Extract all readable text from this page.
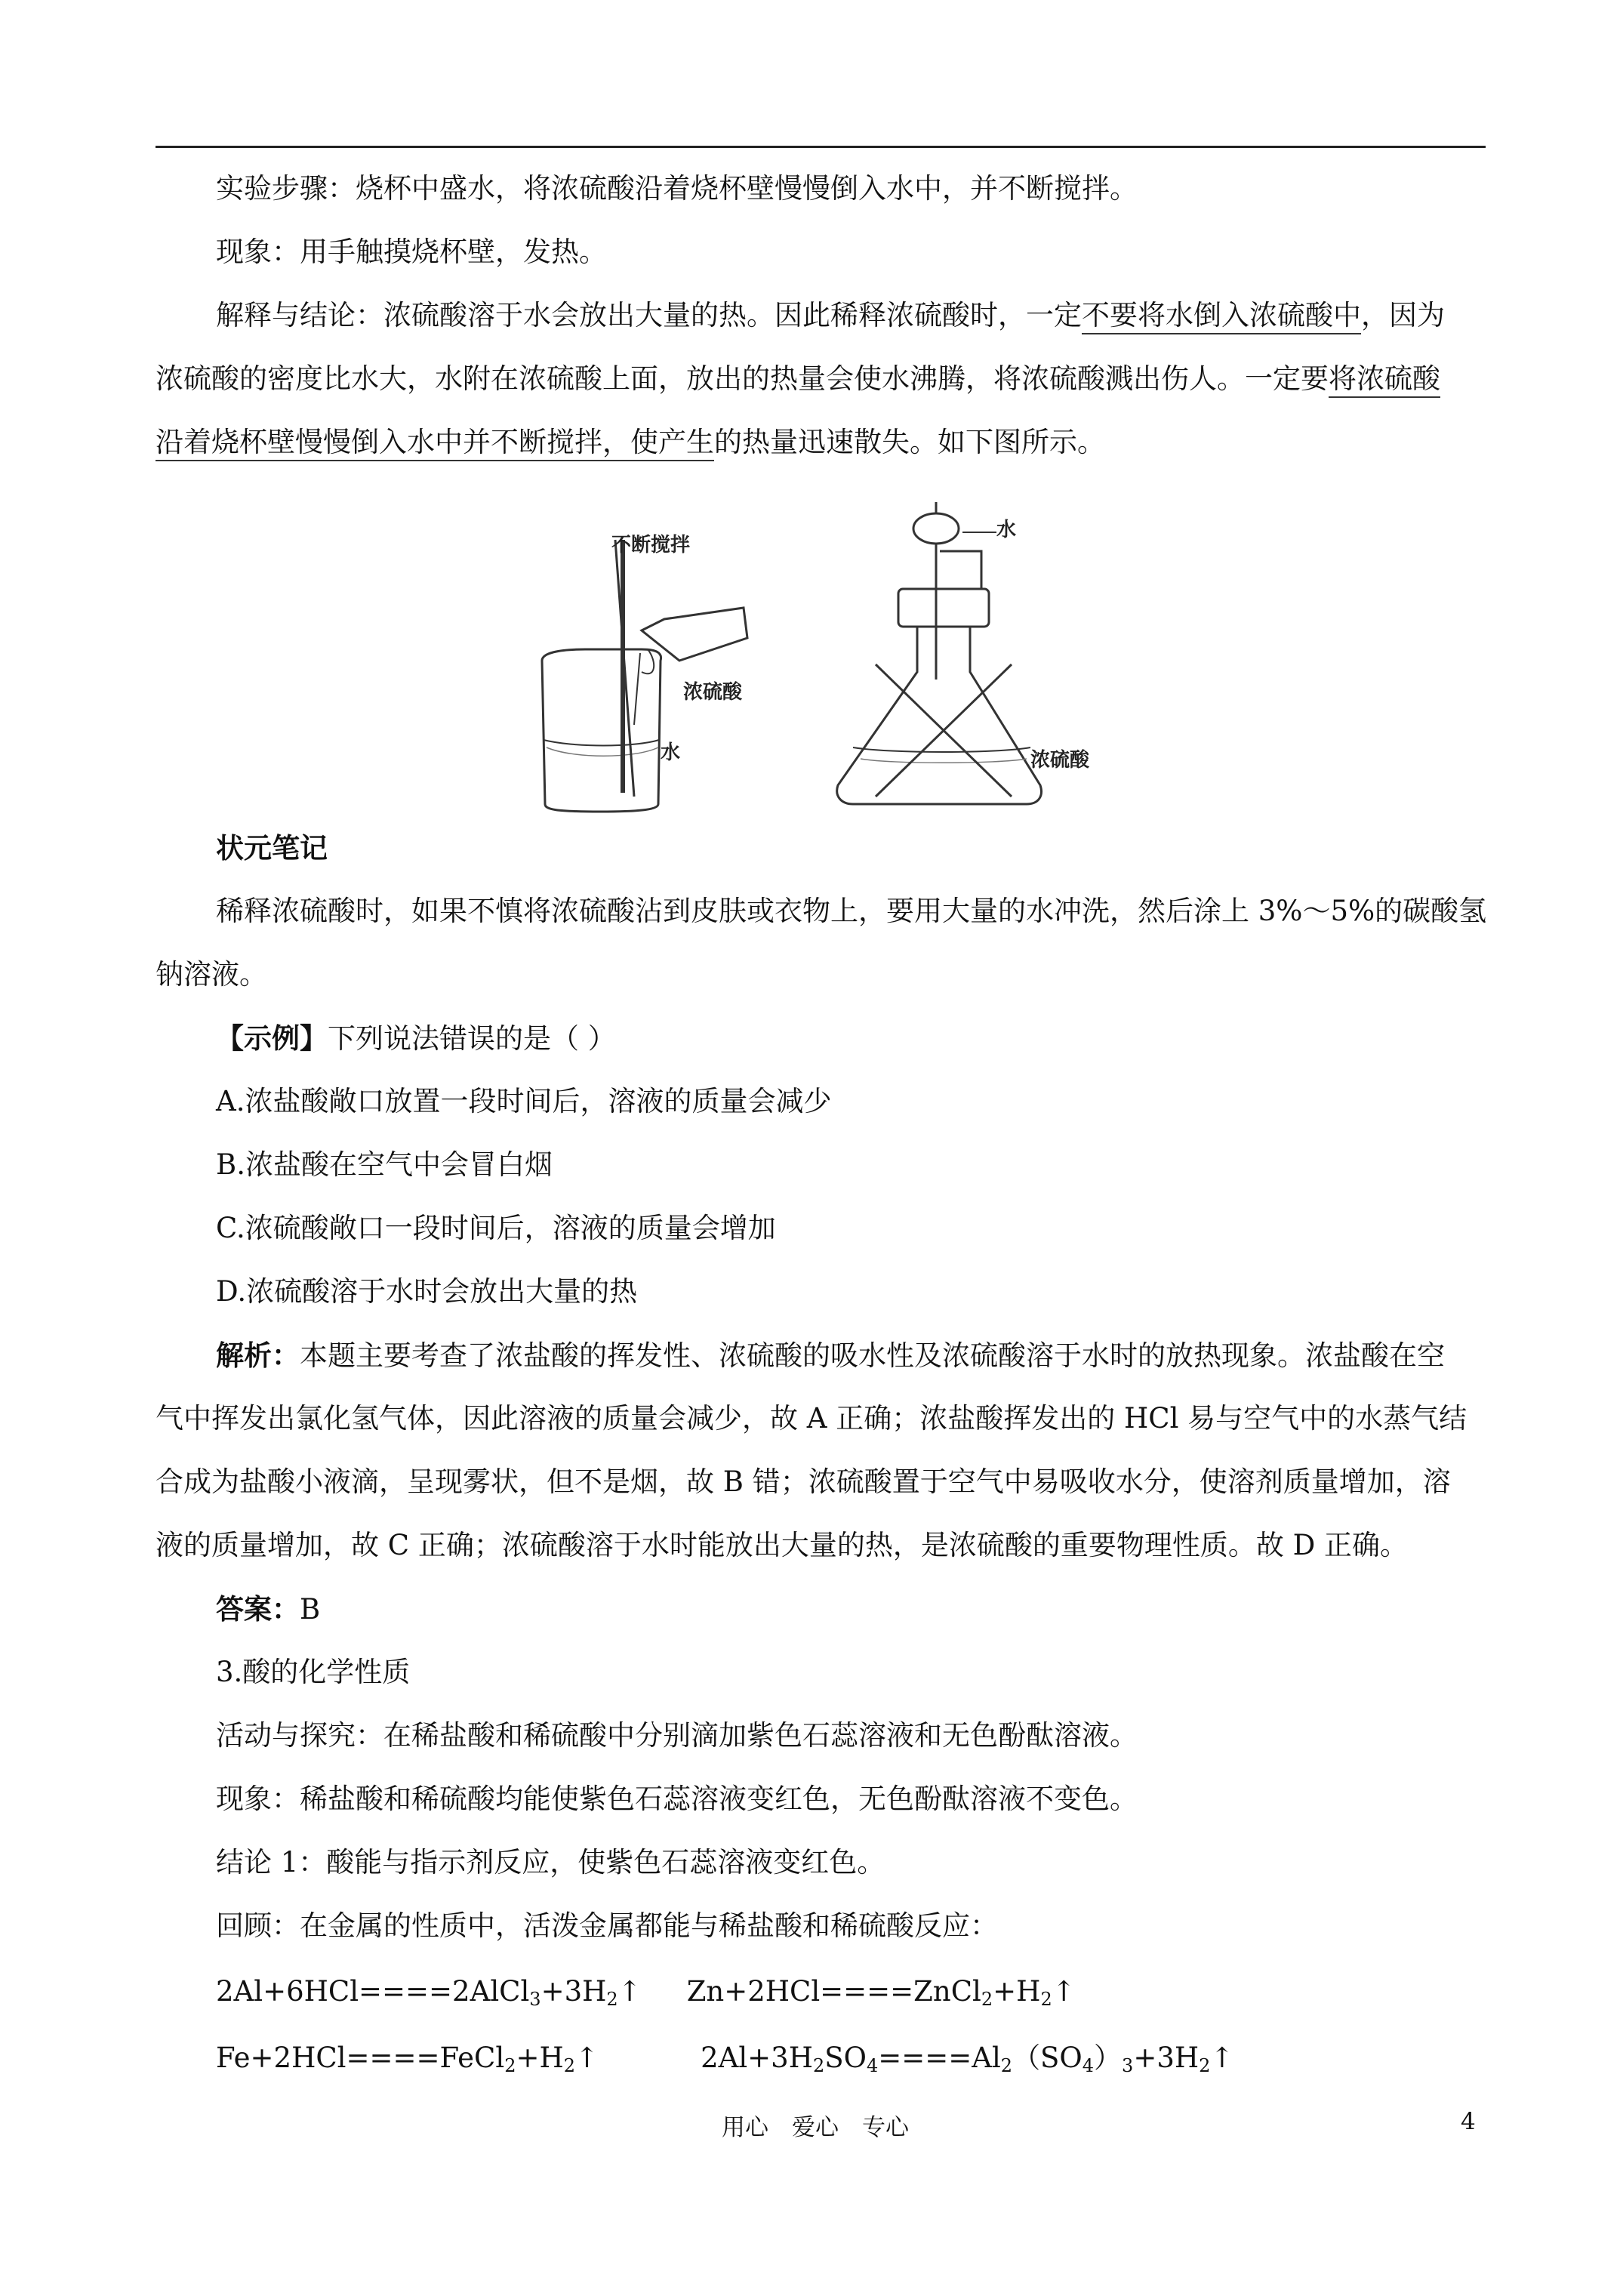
实验步骤：烧杯中盛水，将浓硫酸沿着烧杯壁慢慢倒入水中，并不断搅拌。
现象：用手触摸烧杯壁，发热。
解释与结论：浓硫酸溶于水会放出大量的热。因此稀释浓硫酸时，一定不要将水倒入浓硫酸中，因为
浓硫酸的密度比水大，水附在浓硫酸上面，放出的热量会使水沸腾，将浓硫酸溅出伤人。一定要将浓硫酸
沿着烧杯壁慢慢倒入水中并不断搅拌，使产生的热量迅速散失。如下图所示。
不断搅拌
浓硫酸
水
水
浓硫酸
状元笔记
稀释浓硫酸时，如果不慎将浓硫酸沾到皮肤或衣物上，要用大量的水冲洗，然后涂上 3%～5%的碳酸氢
钠溶液。
【示例】下列说法错误的是（ ）
A.浓盐酸敞口放置一段时间后，溶液的质量会减少
B.浓盐酸在空气中会冒白烟
C.浓硫酸敞口一段时间后，溶液的质量会增加
D.浓硫酸溶于水时会放出大量的热
解析：本题主要考查了浓盐酸的挥发性、浓硫酸的吸水性及浓硫酸溶于水时的放热现象。浓盐酸在空
气中挥发出氯化氢气体，因此溶液的质量会减少，故 A 正确；浓盐酸挥发出的 HCl 易与空气中的水蒸气结
合成为盐酸小液滴，呈现雾状，但不是烟，故 B 错；浓硫酸置于空气中易吸收水分，使溶剂质量增加，溶
液的质量增加，故 C 正确；浓硫酸溶于水时能放出大量的热，是浓硫酸的重要物理性质。故 D 正确。
答案：B
3.酸的化学性质
活动与探究：在稀盐酸和稀硫酸中分别滴加紫色石蕊溶液和无色酚酞溶液。
现象：稀盐酸和稀硫酸均能使紫色石蕊溶液变红色，无色酚酞溶液不变色。
结论 1：酸能与指示剂反应，使紫色石蕊溶液变红色。
回顾：在金属的性质中，活泼金属都能与稀盐酸和稀硫酸反应：
$2Al+6HCl====2AlCl_3+3H_2↑$ $Zn+2HCl====ZnCl_2+H_2↑$
$Fe+2HCl====FeCl_2+H_2↑$	$2Al+3H_2SO_4====Al_2(SO_4)_3+3H_2↑$
用心　爱心　专心	4
